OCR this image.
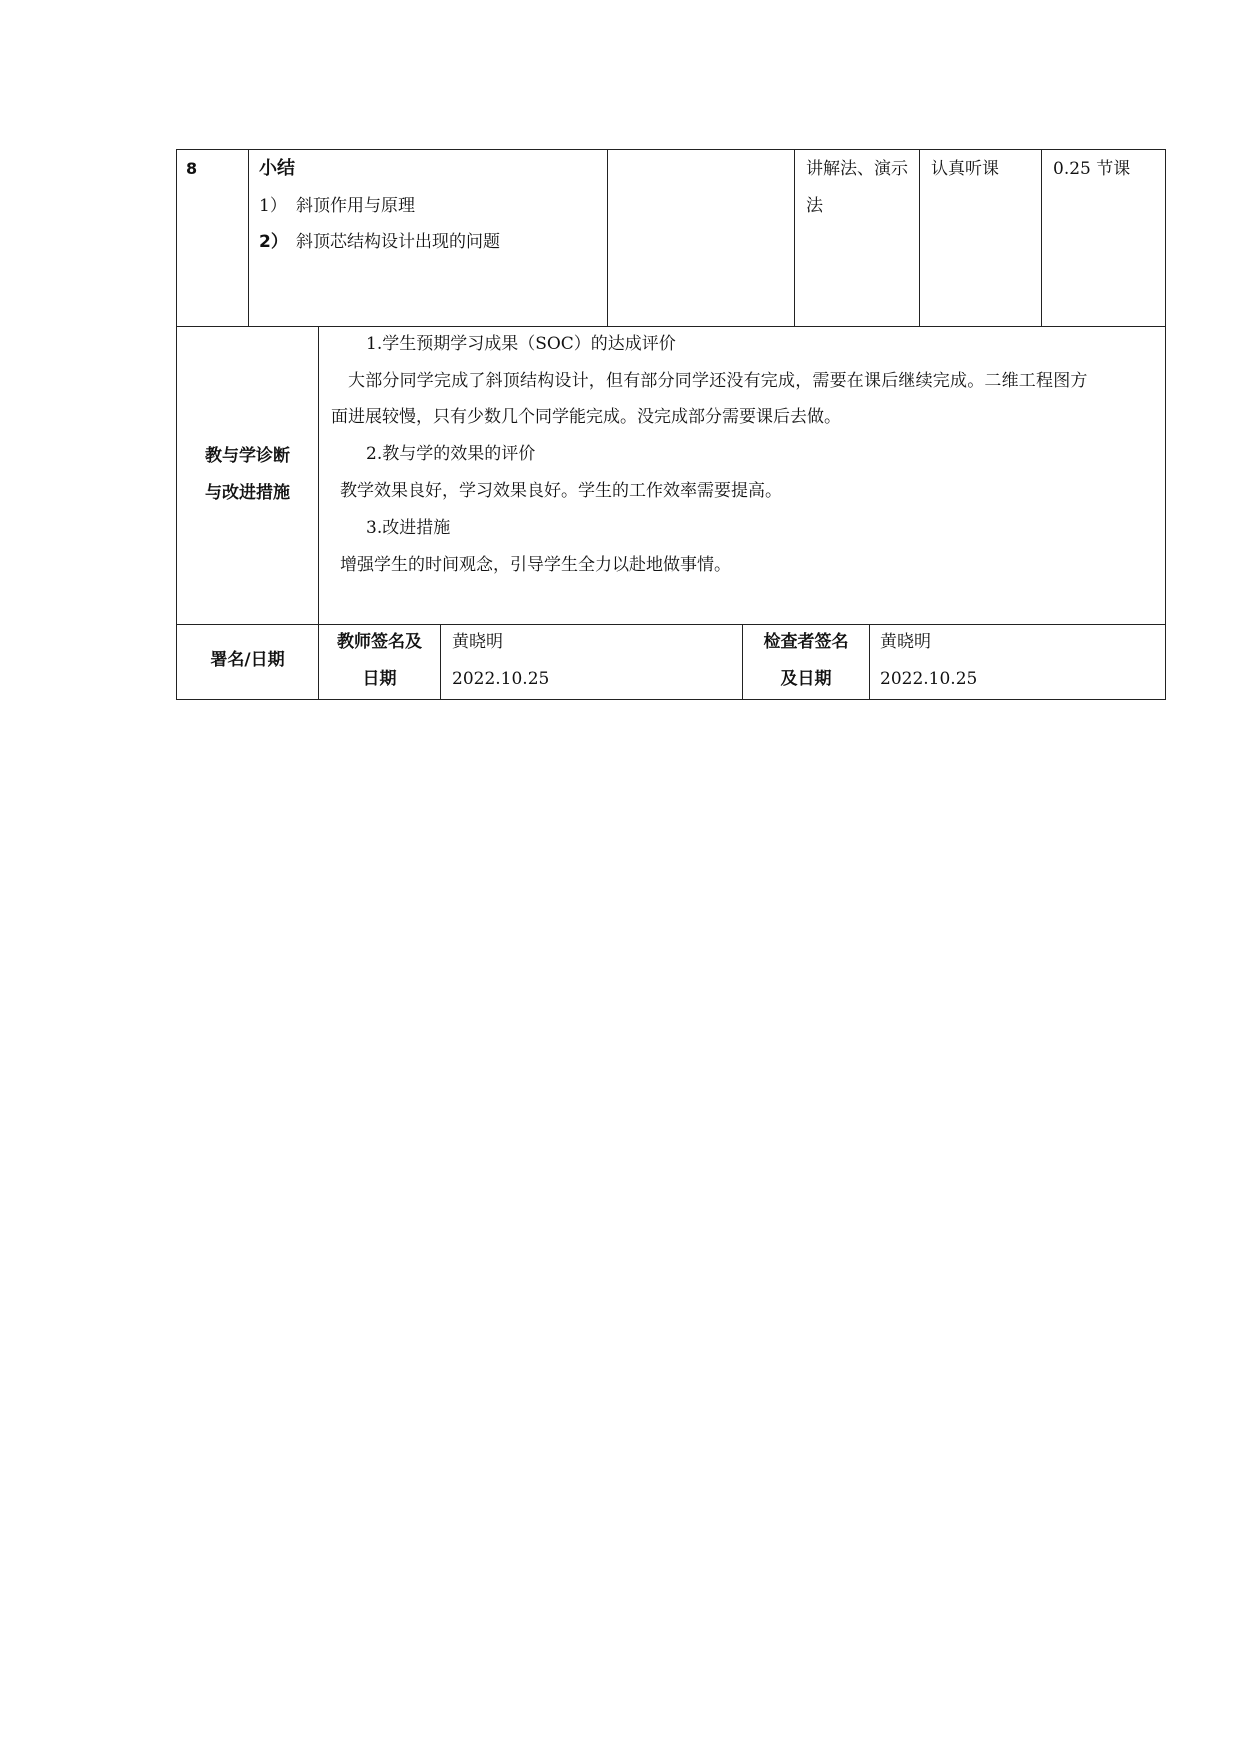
8	小结
1） 斜顶作用与原理
2） 斜顶芯结构设计出现的问题
讲解法、演示
法
认真听课	0.25 节课
教与学诊断
与改进措施
1.学生预期学习成果（SOC）的达成评价
大部分同学完成了斜顶结构设计，但有部分同学还没有完成，需要在课后继续完成。二维工程图方
面进展较慢，只有少数几个同学能完成。没完成部分需要课后去做。
2.教与学的效果的评价
教学效果良好，学习效果良好。学生的工作效率需要提高。
3.改进措施
增强学生的时间观念，引导学生全力以赴地做事情。
署名/日期
教师签名及
日期
黄晓明
2022.10.25
检查者签名
及日期
黄晓明
2022.10.25
